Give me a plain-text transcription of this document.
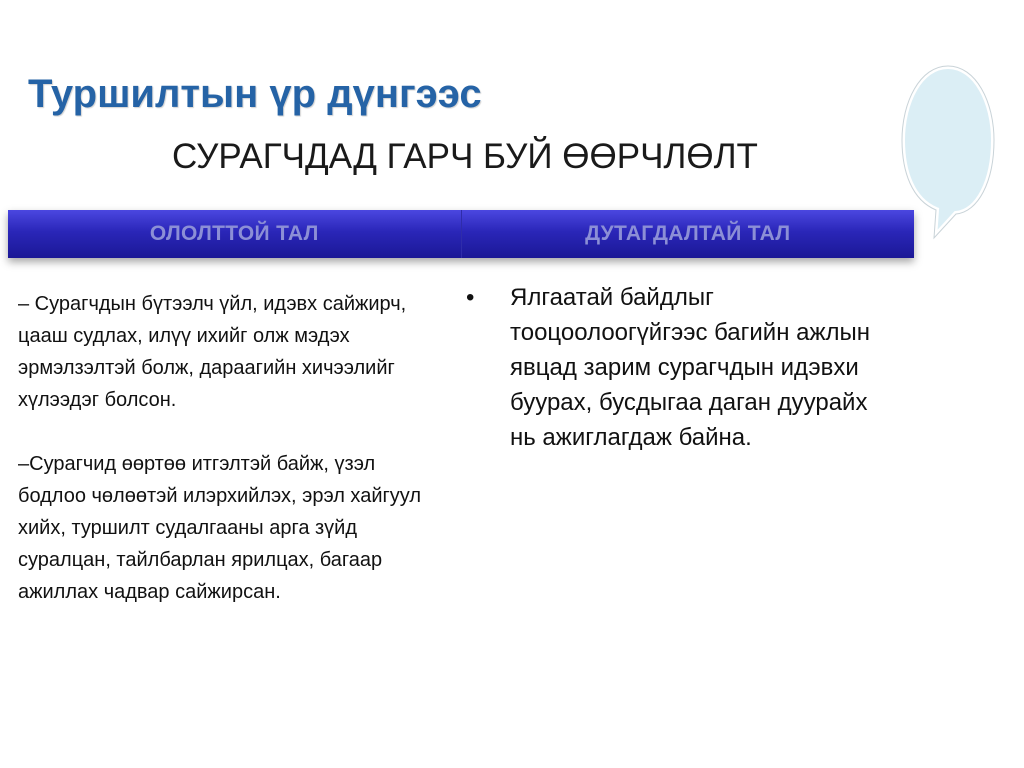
Туршилтын үр дүнгээс
СУРАГЧДАД ГАРЧ БУЙ ӨӨРЧЛӨЛТ
ОЛОЛТТОЙ ТАЛ	ДУТАГДАЛТАЙ ТАЛ

– Сурагчдын бүтээлч үйл, идэвх сайжирч, цааш судлах, илүү ихийг олж мэдэх эрмэлзэлтэй болж, дараагийн хичээлийг хүлээдэг болсон.

–Сурагчид өөртөө итгэлтэй байж, үзэл бодлоо чөлөөтэй илэрхийлэх, эрэл хайгуул хийх, туршилт судалгааны арга зүйд суралцан, тайлбарлан ярилцах, багаар ажиллах чадвар сайжирсан.

•	Ялгаатай байдлыг тооцоолоогүйгээс багийн ажлын явцад зарим сурагчдын идэвхи буурах, бусдыгаа даган дуурайх нь ажиглагдаж байна.
